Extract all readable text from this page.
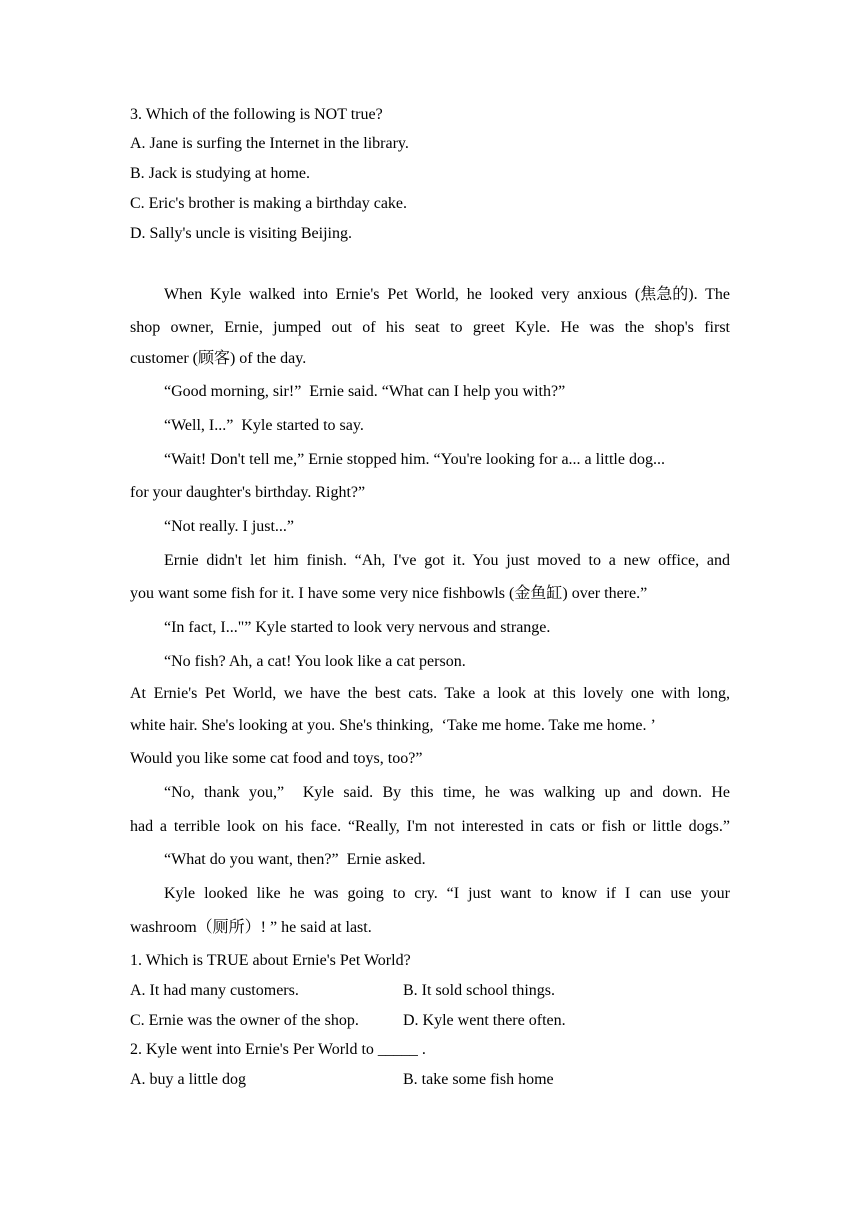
3. Which of the following is NOT true?
A. Jane is surfing the Internet in the library.
B. Jack is studying at home.
C. Eric's brother is making a birthday cake.
D. Sally's uncle is visiting Beijing.
When Kyle walked into Ernie's Pet World, he looked very anxious (焦急的). The
shop owner, Ernie, jumped out of his seat to greet Kyle. He was the shop's first
customer (顾客) of the day.
“Good morning, sir!”  Ernie said. “What can I help you with?”
“Well, I...”  Kyle started to say.
“Wait! Don't tell me,” Ernie stopped him. “You're looking for a... a little dog...
for your daughter's birthday. Right?”
“Not really. I just...”
Ernie didn't let him finish. “Ah, I've got it. You just moved to a new office, and
you want some fish for it. I have some very nice fishbowls (金鱼缸) over there.”
“In fact, I..."” Kyle started to look very nervous and strange.
“No fish? Ah, a cat! You look like a cat person.
At Ernie's Pet World, we have the best cats. Take a look at this lovely one with long,
white hair. She's looking at you. She's thinking,  ‘Take me home. Take me home. ’
Would you like some cat food and toys, too?”
“No, thank you,”  Kyle said. By this time, he was walking up and down. He
had a terrible look on his face. “Really, I'm not interested in cats or fish or little dogs.”
“What do you want, then?”  Ernie asked.
Kyle looked like he was going to cry. “I just want to know if I can use your
washroom（厕所）! ” he said at last.
1. Which is TRUE about Ernie's Pet World?
A. It had many customers.	B. It sold school things.
C. Ernie was the owner of the shop.	D. Kyle went there often.
2. Kyle went into Ernie's Per World to _____ .
A. buy a little dog	B. take some fish home
